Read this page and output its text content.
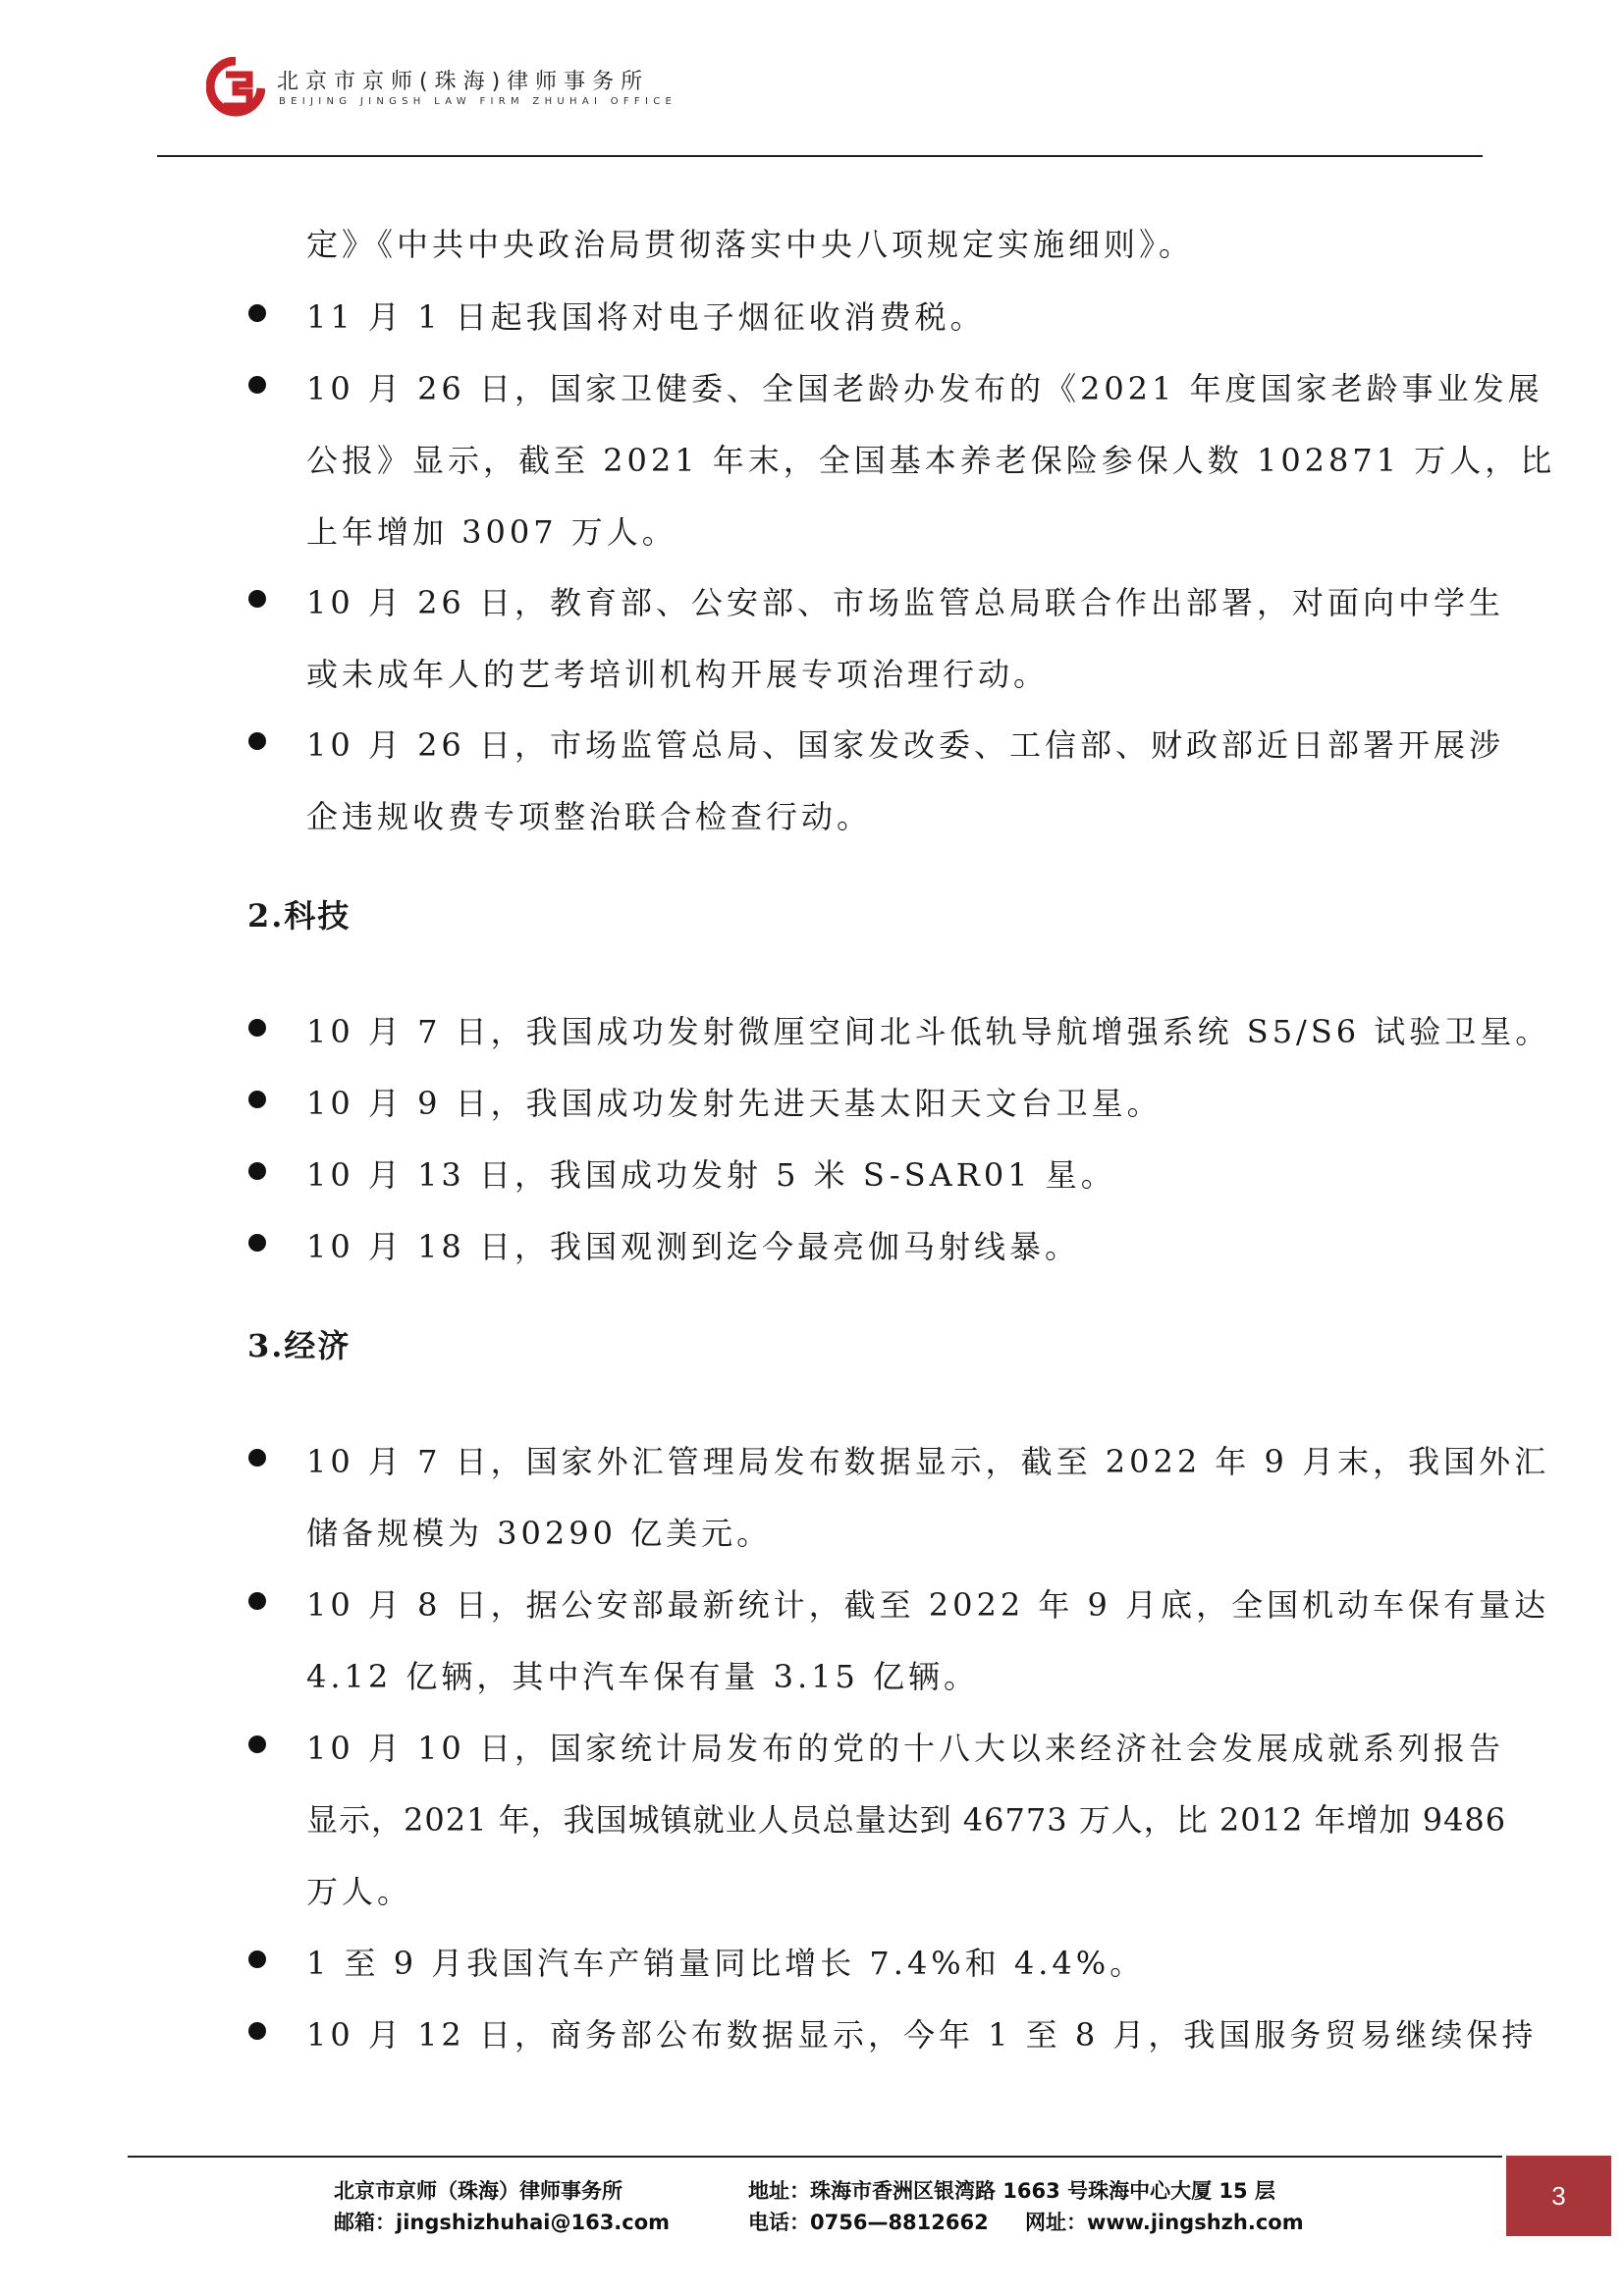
北京市京师(珠海)律师事务所
BEIJING JINGSH LAW FIRM ZHUHAI OFFICE
定》《中共中央政治局贯彻落实中央八项规定实施细则》。
11 月 1 日起我国将对电子烟征收消费税。
10 月 26 日，国家卫健委、全国老龄办发布的《2021 年度国家老龄事业发展
公报》显示，截至 2021 年末，全国基本养老保险参保人数 102871 万人，比
上年增加 3007 万人。
10 月 26 日，教育部、公安部、市场监管总局联合作出部署，对面向中学生
或未成年人的艺考培训机构开展专项治理行动。
10 月 26 日，市场监管总局、国家发改委、工信部、财政部近日部署开展涉
企违规收费专项整治联合检查行动。
2.科技
10 月 7 日，我国成功发射微厘空间北斗低轨导航增强系统 S5/S6 试验卫星。
10 月 9 日，我国成功发射先进天基太阳天文台卫星。
10 月 13 日，我国成功发射 5 米 S-SAR01 星。
10 月 18 日，我国观测到迄今最亮伽马射线暴。
3.经济
10 月 7 日，国家外汇管理局发布数据显示，截至 2022 年 9 月末，我国外汇
储备规模为 30290 亿美元。
10 月 8 日，据公安部最新统计，截至 2022 年 9 月底，全国机动车保有量达
4.12 亿辆，其中汽车保有量 3.15 亿辆。
10 月 10 日，国家统计局发布的党的十八大以来经济社会发展成就系列报告
显示，2021 年，我国城镇就业人员总量达到 46773 万人，比 2012 年增加 9486
万人。
1 至 9 月我国汽车产销量同比增长 7.4%和 4.4%。
10 月 12 日，商务部公布数据显示，今年 1 至 8 月，我国服务贸易继续保持
北京市京师（珠海）律师事务所
邮箱：jingshizhuhai@163.com
地址：珠海市香洲区银湾路 1663 号珠海中心大厦 15 层
电话：0756—8812662 网址：www.jingshzh.com
3
